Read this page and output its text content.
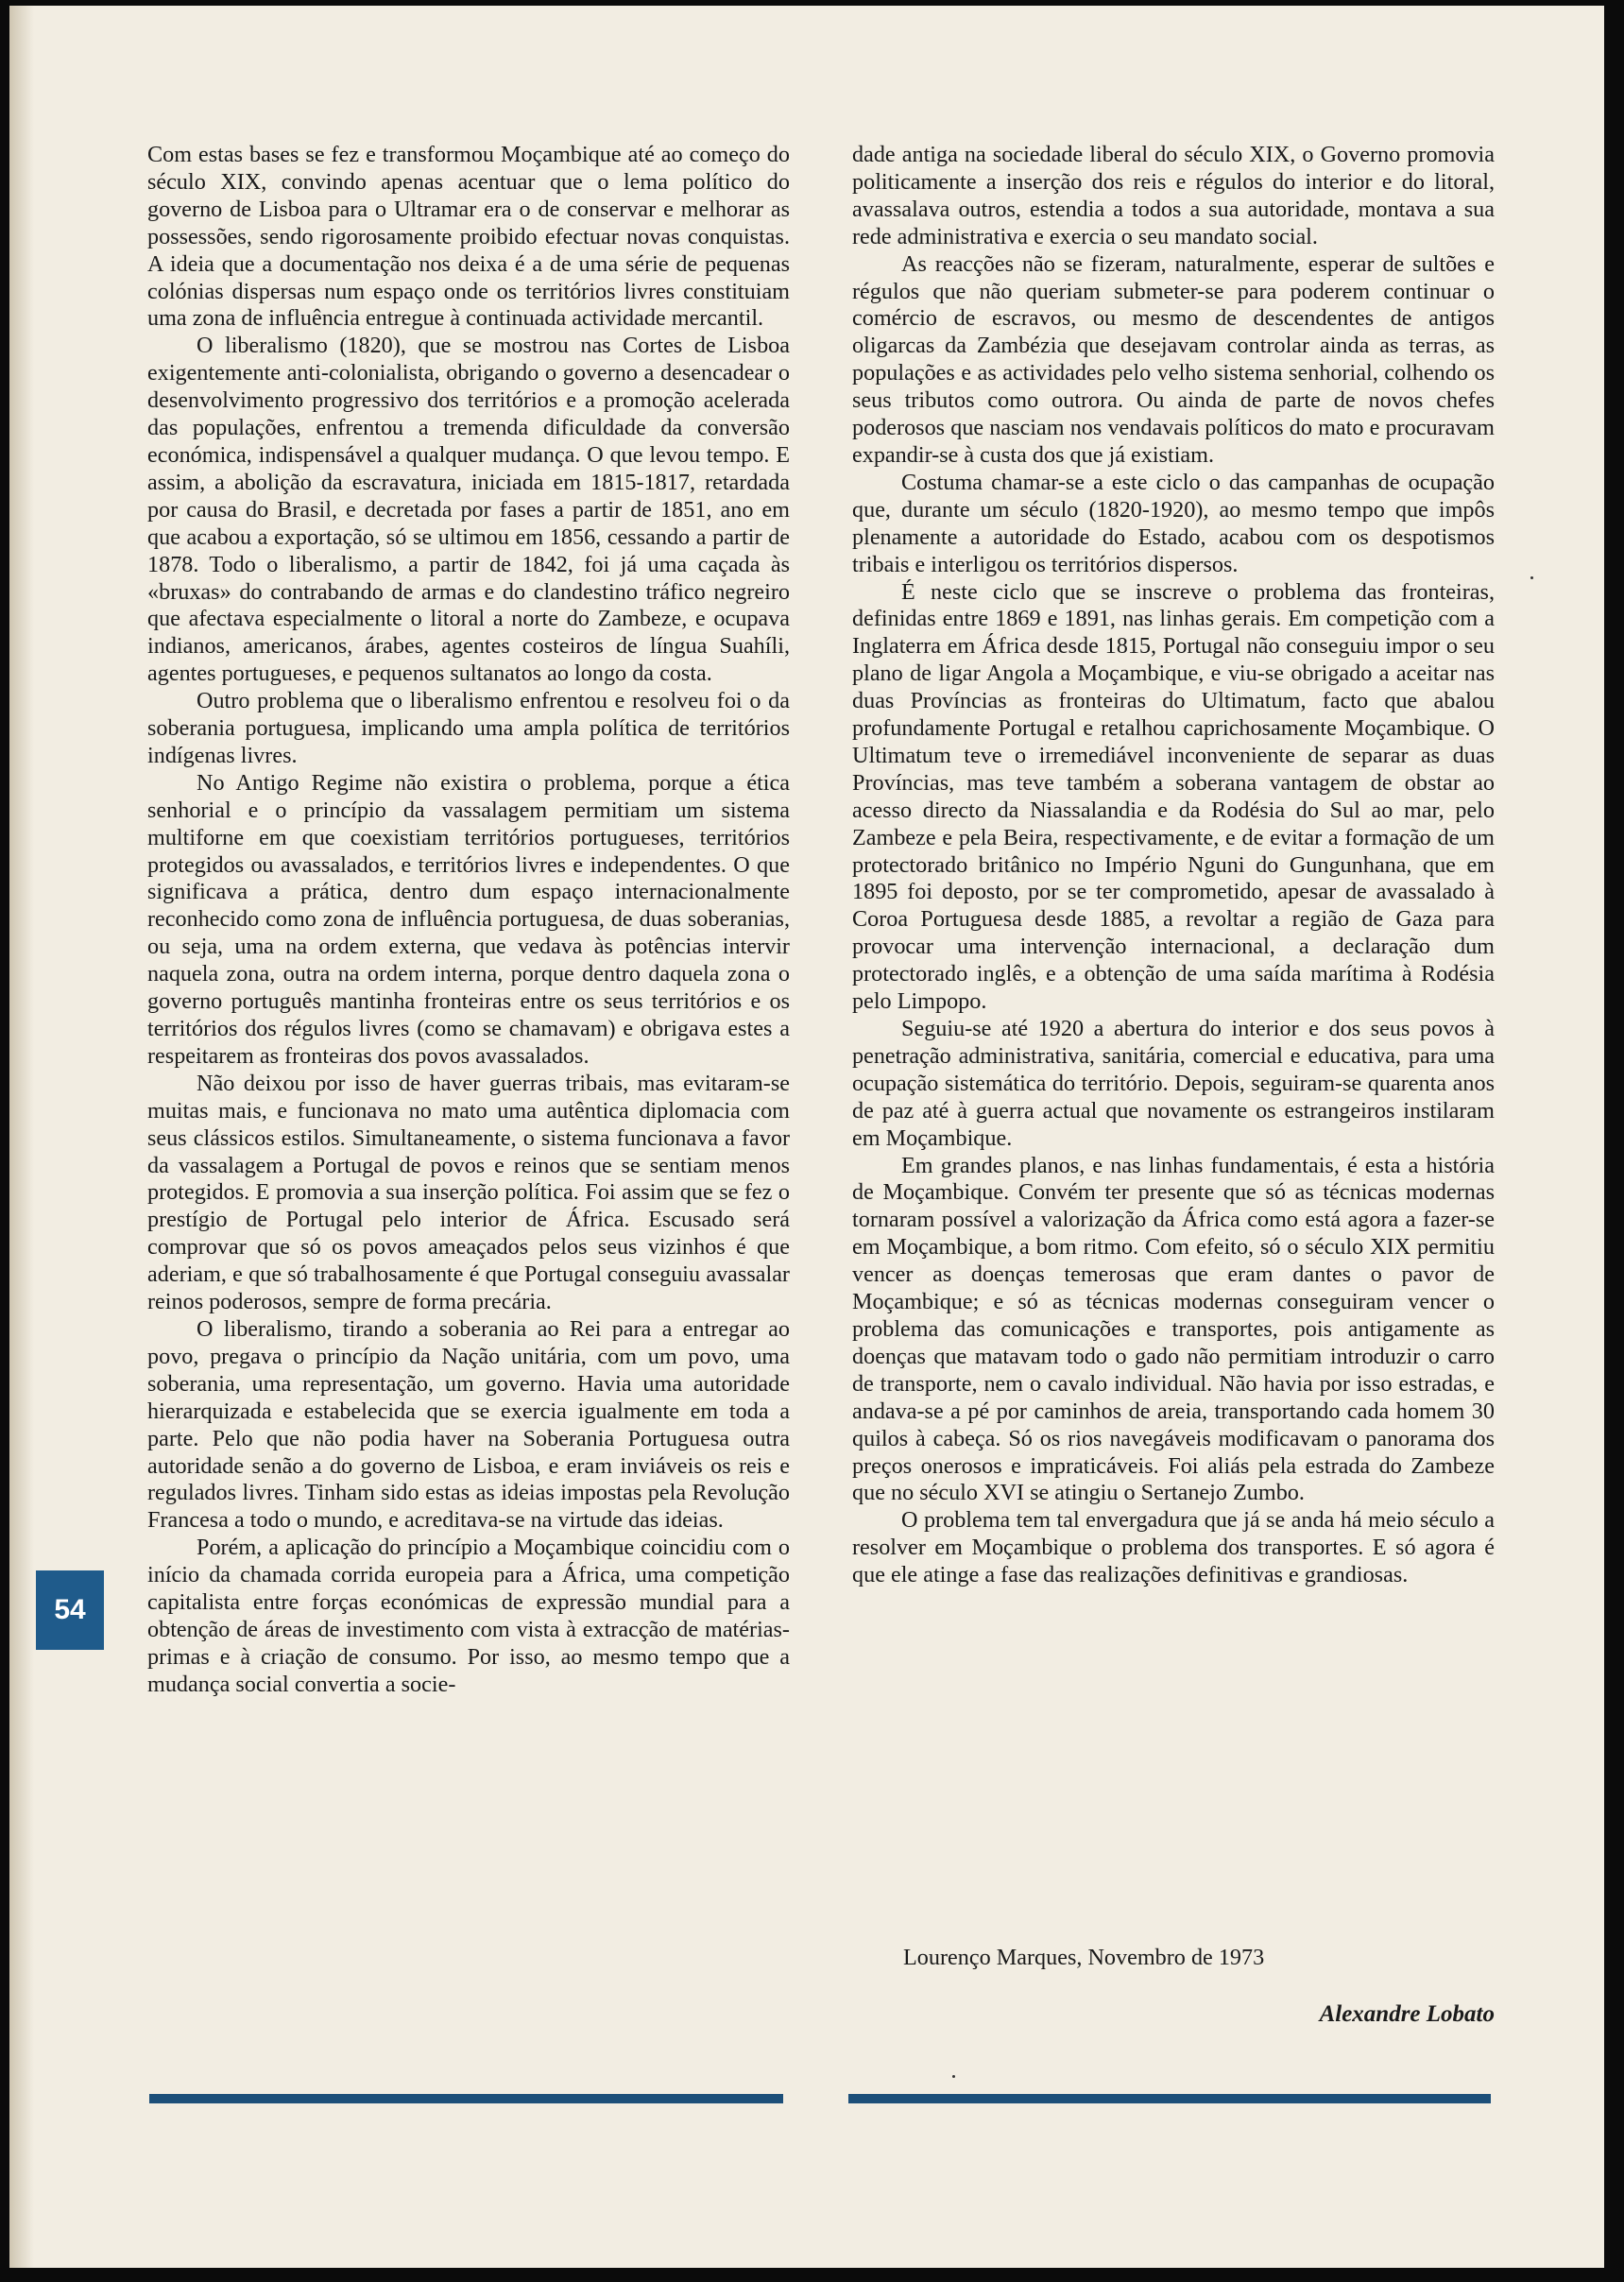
Com estas bases se fez e transformou Moçambique até ao começo do século XIX, convindo apenas acentuar que o lema político do governo de Lisboa para o Ultramar era o de conservar e melhorar as possessões, sendo rigorosamente proibido efectuar novas conquistas. A ideia que a documentação nos deixa é a de uma série de pequenas colónias dispersas num espaço onde os territórios livres constituiam uma zona de influência entregue à continuada actividade mercantil.

O liberalismo (1820), que se mostrou nas Cortes de Lisboa exigentemente anti-colonialista, obrigando o governo a desencadear o desenvolvimento progressivo dos territórios e a promoção acelerada das populações, enfrentou a tremenda dificuldade da conversão económica, indispensável a qualquer mudança. O que levou tempo. E assim, a abolição da escravatura, iniciada em 1815-1817, retardada por causa do Brasil, e decretada por fases a partir de 1851, ano em que acabou a exportação, só se ultimou em 1856, cessando a partir de 1878. Todo o liberalismo, a partir de 1842, foi já uma caçada às «bruxas» do contrabando de armas e do clandestino tráfico negreiro que afectava especialmente o litoral a norte do Zambeze, e ocupava indianos, americanos, árabes, agentes costeiros de língua Suahíli, agentes portugueses, e pequenos sultanatos ao longo da costa.

Outro problema que o liberalismo enfrentou e resolveu foi o da soberania portuguesa, implicando uma ampla política de territórios indígenas livres.

No Antigo Regime não existira o problema, porque a ética senhorial e o princípio da vassalagem permitiam um sistema multiforne em que coexistiam territórios portugueses, territórios protegidos ou avassalados, e territórios livres e independentes. O que significava a prática, dentro dum espaço internacionalmente reconhecido como zona de influência portuguesa, de duas soberanias, ou seja, uma na ordem externa, que vedava às potências intervir naquela zona, outra na ordem interna, porque dentro daquela zona o governo português mantinha fronteiras entre os seus territórios e os territórios dos régulos livres (como se chamavam) e obrigava estes a respeitarem as fronteiras dos povos avassalados.

Não deixou por isso de haver guerras tribais, mas evitaram-se muitas mais, e funcionava no mato uma autêntica diplomacia com seus clássicos estilos. Simultaneamente, o sistema funcionava a favor da vassalagem a Portugal de povos e reinos que se sentiam menos protegidos. E promovia a sua inserção política. Foi assim que se fez o prestígio de Portugal pelo interior de África. Escusado será comprovar que só os povos ameaçados pelos seus vizinhos é que aderiam, e que só trabalhosamente é que Portugal conseguiu avassalar reinos poderosos, sempre de forma precária.

O liberalismo, tirando a soberania ao Rei para a entregar ao povo, pregava o princípio da Nação unitária, com um povo, uma soberania, uma representação, um governo. Havia uma autoridade hierarquizada e estabelecida que se exercia igualmente em toda a parte. Pelo que não podia haver na Soberania Portuguesa outra autoridade senão a do governo de Lisboa, e eram inviáveis os reis e regulados livres. Tinham sido estas as ideias impostas pela Revolução Francesa a todo o mundo, e acreditava-se na virtude das ideias.

Porém, a aplicação do princípio a Moçambique coincidiu com o início da chamada corrida europeia para a África, uma competição capitalista entre forças económicas de expressão mundial para a obtenção de áreas de investimento com vista à extracção de matérias-primas e à criação de consumo. Por isso, ao mesmo tempo que a mudança social convertia a socie-

dade antiga na sociedade liberal do século XIX, o Governo promovia politicamente a inserção dos reis e régulos do interior e do litoral, avassalava outros, estendia a todos a sua autoridade, montava a sua rede administrativa e exercia o seu mandato social.

As reacções não se fizeram, naturalmente, esperar de sultões e régulos que não queriam submeter-se para poderem continuar o comércio de escravos, ou mesmo de descendentes de antigos oligarcas da Zambézia que desejavam controlar ainda as terras, as populações e as actividades pelo velho sistema senhorial, colhendo os seus tributos como outrora. Ou ainda de parte de novos chefes poderosos que nasciam nos vendavais políticos do mato e procuravam expandir-se à custa dos que já existiam.

Costuma chamar-se a este ciclo o das campanhas de ocupação que, durante um século (1820-1920), ao mesmo tempo que impôs plenamente a autoridade do Estado, acabou com os despotismos tribais e interligou os territórios dispersos.

É neste ciclo que se inscreve o problema das fronteiras, definidas entre 1869 e 1891, nas linhas gerais. Em competição com a Inglaterra em África desde 1815, Portugal não conseguiu impor o seu plano de ligar Angola a Moçambique, e viu-se obrigado a aceitar nas duas Províncias as fronteiras do Ultimatum, facto que abalou profundamente Portugal e retalhou caprichosamente Moçambique. O Ultimatum teve o irremediável inconveniente de separar as duas Províncias, mas teve também a soberana vantagem de obstar ao acesso directo da Niassalandia e da Rodésia do Sul ao mar, pelo Zambeze e pela Beira, respectivamente, e de evitar a formação de um protectorado britânico no Império Nguni do Gungunhana, que em 1895 foi deposto, por se ter comprometido, apesar de avassalado à Coroa Portuguesa desde 1885, a revoltar a região de Gaza para provocar uma intervenção internacional, a declaração dum protectorado inglês, e a obtenção de uma saída marítima à Rodésia pelo Limpopo.

Seguiu-se até 1920 a abertura do interior e dos seus povos à penetração administrativa, sanitária, comercial e educativa, para uma ocupação sistemática do território. Depois, seguiram-se quarenta anos de paz até à guerra actual que novamente os estrangeiros instilaram em Moçambique.

Em grandes planos, e nas linhas fundamentais, é esta a história de Moçambique. Convém ter presente que só as técnicas modernas tornaram possível a valorização da África como está agora a fazer-se em Moçambique, a bom ritmo. Com efeito, só o século XIX permitiu vencer as doenças temerosas que eram dantes o pavor de Moçambique; e só as técnicas modernas conseguiram vencer o problema das comunicações e transportes, pois antigamente as doenças que matavam todo o gado não permitiam introduzir o carro de transporte, nem o cavalo individual. Não havia por isso estradas, e andava-se a pé por caminhos de areia, transportando cada homem 30 quilos à cabeça. Só os rios navegáveis modificavam o panorama dos preços onerosos e impraticáveis. Foi aliás pela estrada do Zambeze que no século XVI se atingiu o Sertanejo Zumbo.

O problema tem tal envergadura que já se anda há meio século a resolver em Moçambique o problema dos transportes. E só agora é que ele atinge a fase das realizações definitivas e grandiosas.

Lourenço Marques, Novembro de 1973
Alexandre Lobato
54
